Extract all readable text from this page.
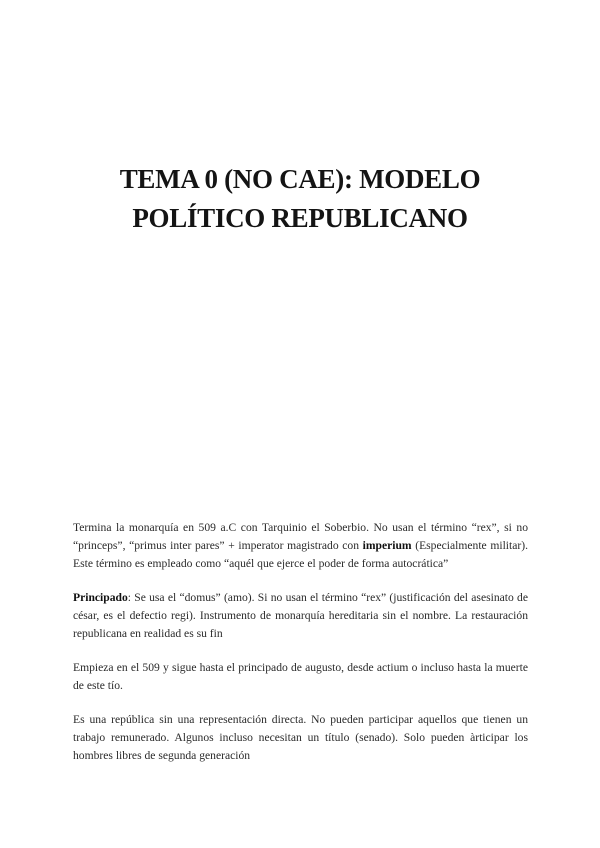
TEMA 0 (NO CAE): MODELO
POLÍTICO REPUBLICANO

Termina la monarquía en 509 a.C con Tarquinio el Soberbio. No usan el término “rex”, si no “princeps”, “primus inter pares” + imperator magistrado con imperium (Especialmente militar). Este término es empleado como “aquél que ejerce el poder de forma autocrática”

Principado: Se usa el “domus” (amo). Si no usan el término “rex” (justificación del asesinato de césar, es el defectio regi). Instrumento de monarquía hereditaria sin el nombre. La restauración republicana en realidad es su fin

Empieza en el 509 y sigue hasta el principado de augusto, desde actium o incluso hasta la muerte de este tío.

Es una república sin una representación directa. No pueden participar aquellos que tienen un trabajo remunerado. Algunos incluso necesitan un título (senado). Solo pueden àrticipar los hombres libres de segunda generación
